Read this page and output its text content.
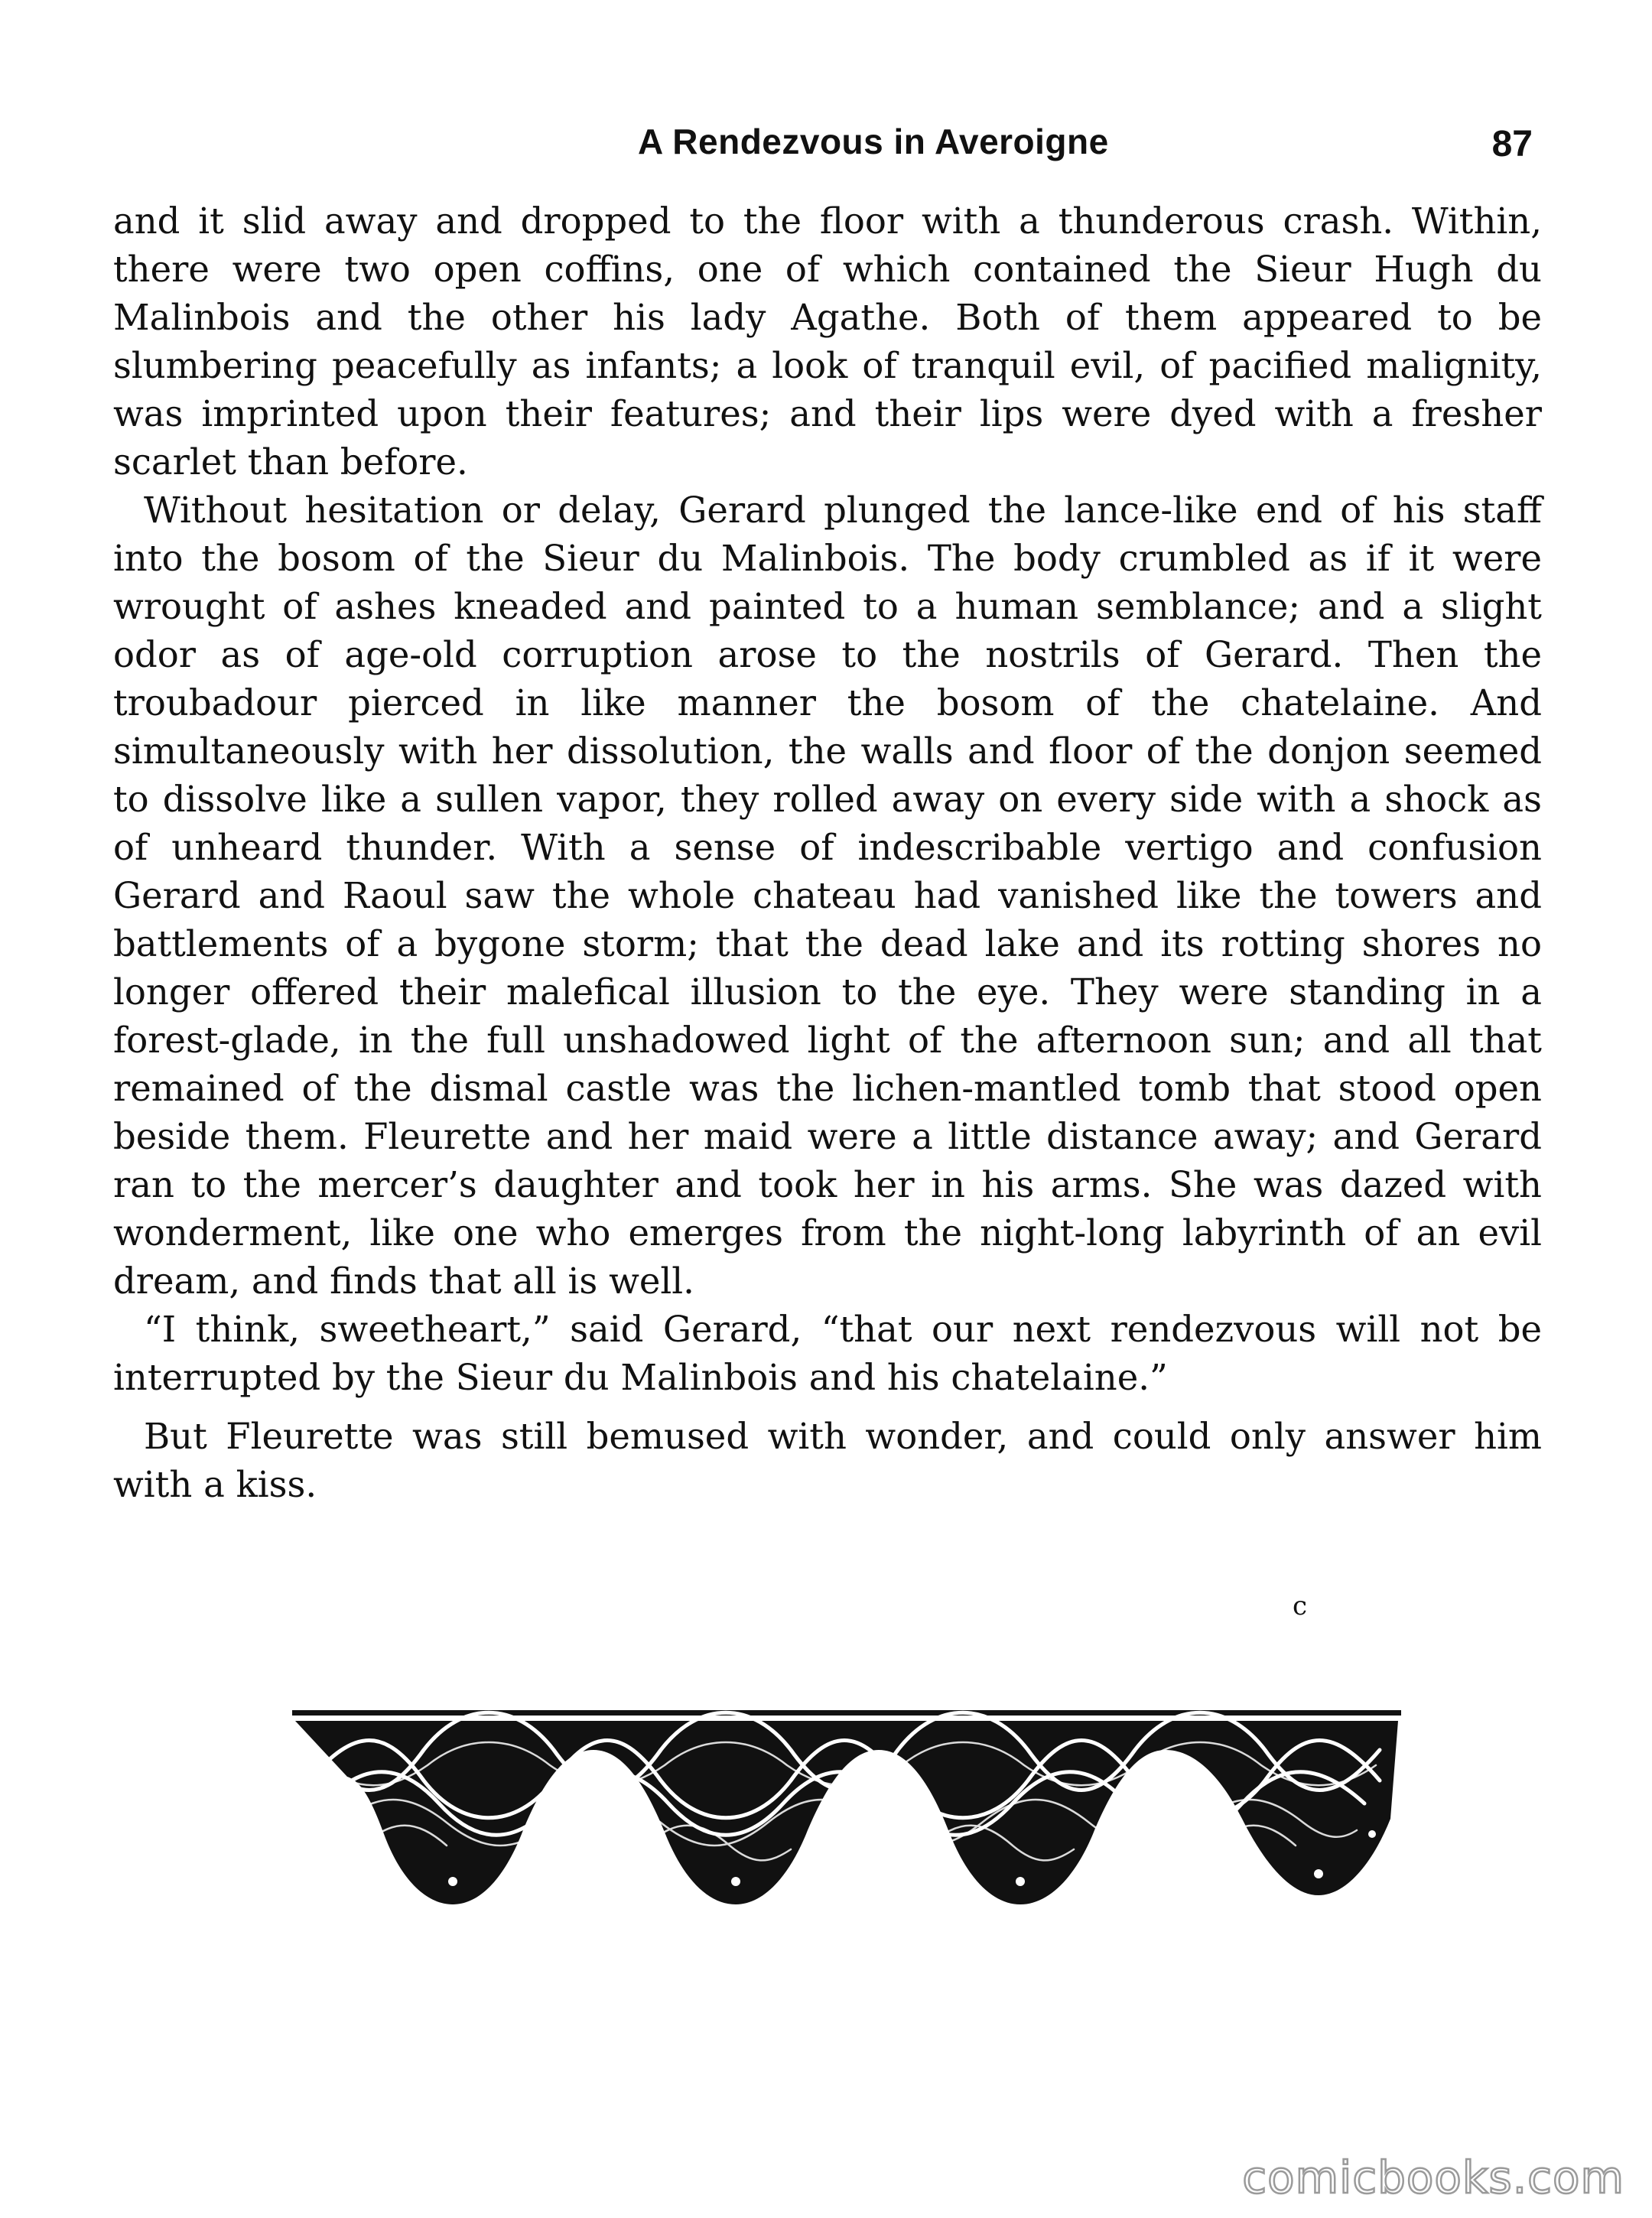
A Rendezvous in Averoigne	87

and it slid away and dropped to the floor with a thunderous crash. Within, there were two open coffins, one of which contained the Sieur Hugh du Malinbois and the other his lady Agathe. Both of them appeared to be slumbering peacefully as infants; a look of tranquil evil, of pacified malignity, was imprinted upon their features; and their lips were dyed with a fresher scarlet than before.

Without hesitation or delay, Gerard plunged the lance-like end of his staff into the bosom of the Sieur du Malinbois. The body crumbled as if it were wrought of ashes kneaded and painted to a human semblance; and a slight odor as of age-old corruption arose to the nostrils of Gerard. Then the troubadour pierced in like manner the bosom of the chatelaine. And simultaneously with her dissolution, the walls and floor of the donjon seemed to dissolve like a sullen vapor, they rolled away on every side with a shock as of unheard thunder. With a sense of indescribable vertigo and confusion Gerard and Raoul saw the whole chateau had vanished like the towers and battlements of a bygone storm; that the dead lake and its rotting shores no longer offered their malefical illusion to the eye. They were standing in a forest-glade, in the full unshadowed light of the afternoon sun; and all that remained of the dismal castle was the lichen-mantled tomb that stood open beside them. Fleurette and her maid were a little distance away; and Gerard ran to the mercer’s daughter and took her in his arms. She was dazed with wonderment, like one who emerges from the night-long labyrinth of an evil dream, and finds that all is well.

“I think, sweetheart,” said Gerard, “that our next rendezvous will not be interrupted by the Sieur du Malinbois and his chatelaine.”

But Fleurette was still bemused with wonder, and could only answer him with a kiss.

c
comicbooks.com
